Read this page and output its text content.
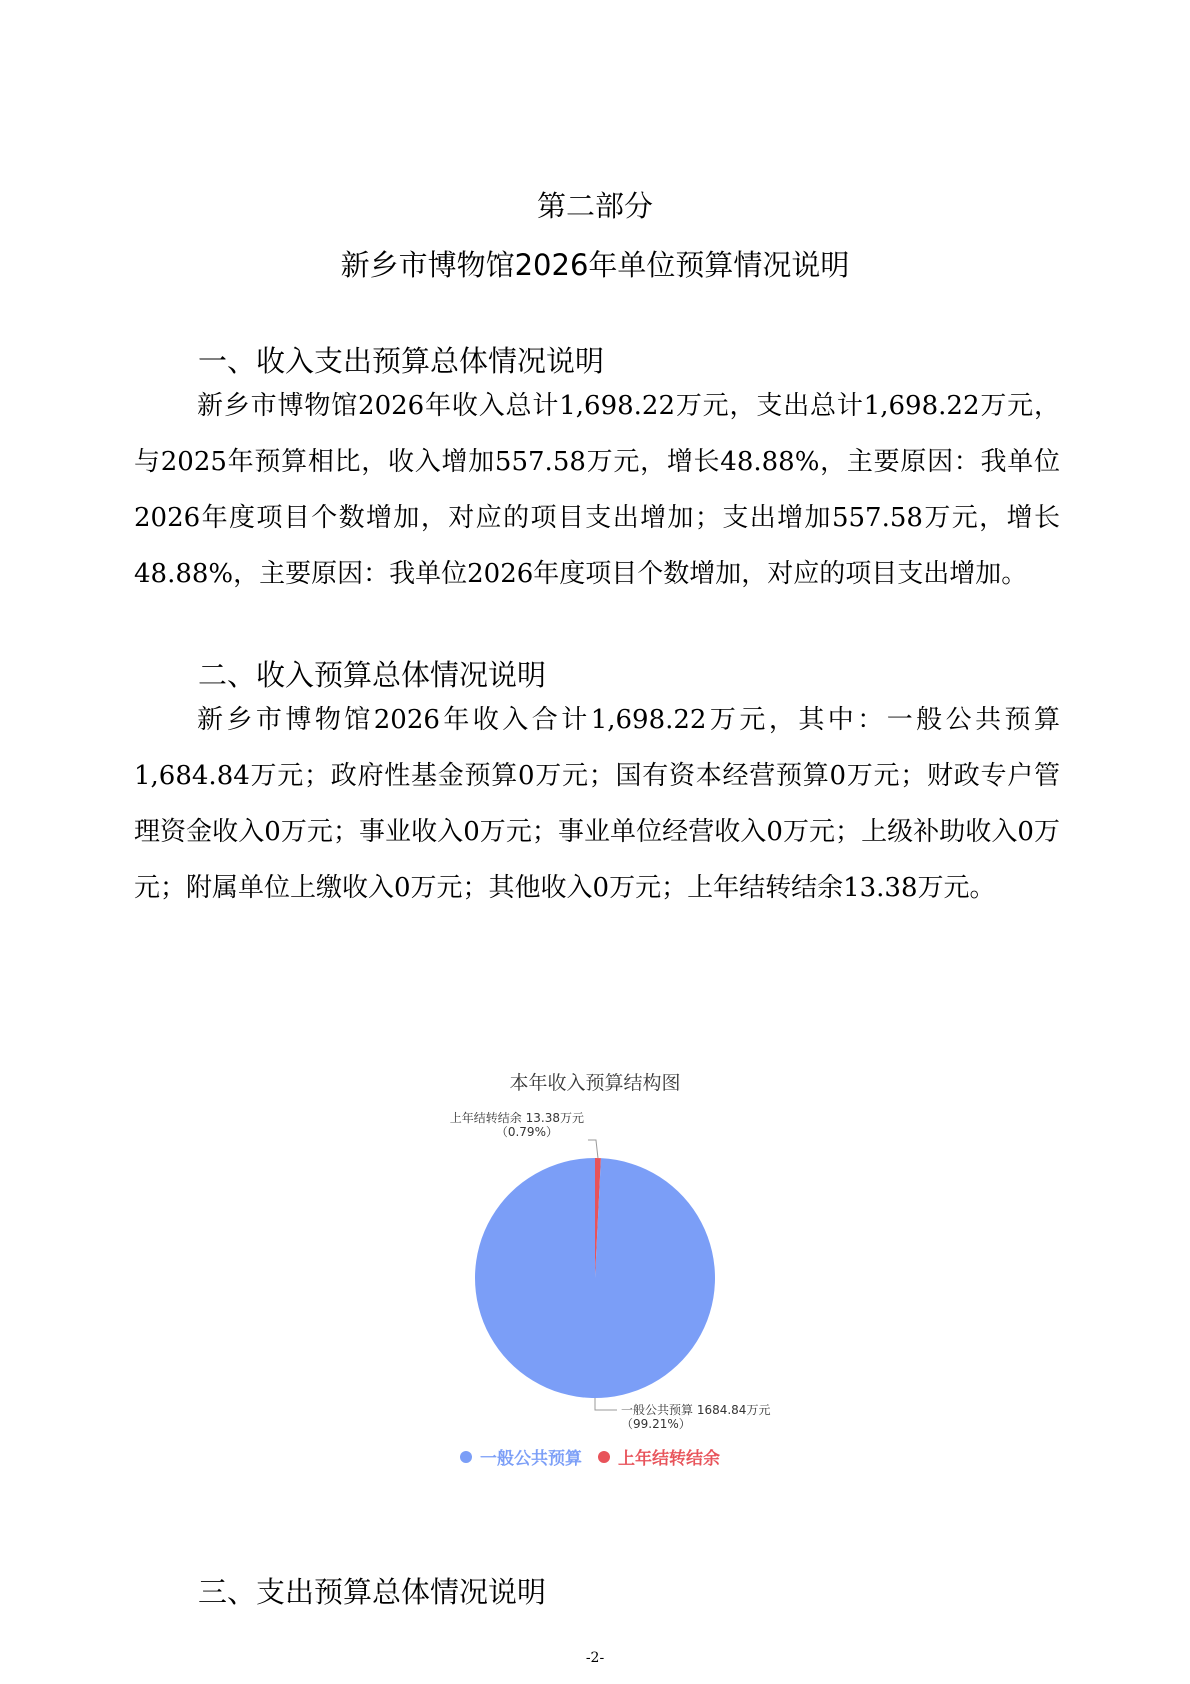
第二部分
新乡市博物馆2026年单位预算情况说明
一、收入支出预算总体情况说明

新乡市博物馆2026年收入总计1,698.22万元，支出总计1,698.22万元，与2025年预算相比，收入增加557.58万元，增长48.88%，主要原因：我单位2026年度项目个数增加，对应的项目支出增加；支出增加557.58万元，增长48.88%，主要原因：我单位2026年度项目个数增加，对应的项目支出增加。

二、收入预算总体情况说明

新乡市博物馆2026年收入合计1,698.22万元，其中：一般公共预算1,684.84万元；政府性基金预算0万元；国有资本经营预算0万元；财政专户管理资金收入0万元；事业收入0万元；事业单位经营收入0万元；上级补助收入0万元；附属单位上缴收入0万元；其他收入0万元；上年结转结余13.38万元。

本年收入预算结构图
上年结转结余 13.38万元
（0.79%）
一般公共预算 1684.84万元
（99.21%）
一般公共预算 上年结转结余
三、支出预算总体情况说明
-2-
